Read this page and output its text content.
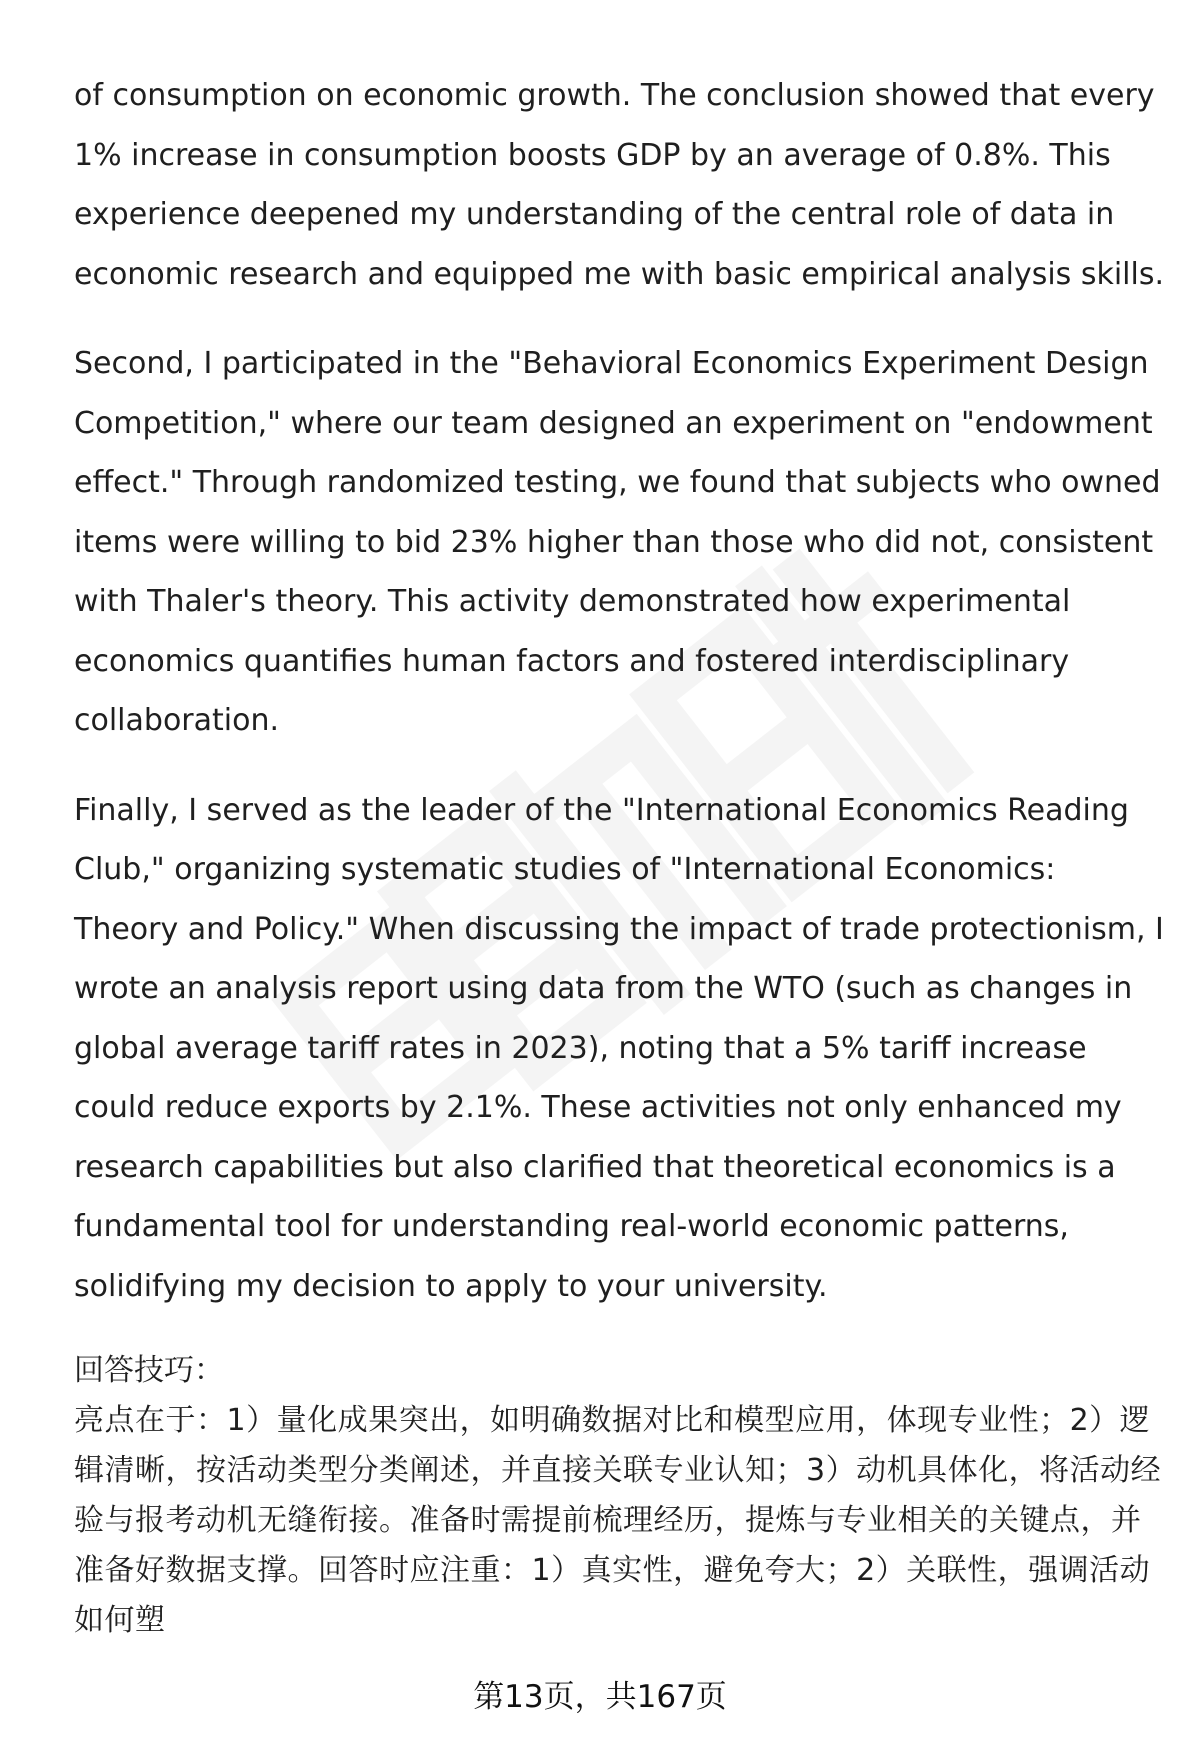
of consumption on economic growth. The conclusion showed that every 1% increase in consumption boosts GDP by an average of 0.8%. This experience deepened my understanding of the central role of data in economic research and equipped me with basic empirical analysis skills.

Second, I participated in the "Behavioral Economics Experiment Design Competition," where our team designed an experiment on "endowment effect." Through randomized testing, we found that subjects who owned items were willing to bid 23% higher than those who did not, consistent with Thaler's theory. This activity demonstrated how experimental economics quantifies human factors and fostered interdisciplinary collaboration.

Finally, I served as the leader of the "International Economics Reading Club," organizing systematic studies of "International Economics: Theory and Policy." When discussing the impact of trade protectionism, I wrote an analysis report using data from the WTO (such as changes in global average tariff rates in 2023), noting that a 5% tariff increase could reduce exports by 2.1%. These activities not only enhanced my research capabilities but also clarified that theoretical economics is a fundamental tool for understanding real-world economic patterns, solidifying my decision to apply to your university.

回答技巧：

亮点在于：1）量化成果突出，如明确数据对比和模型应用，体现专业性；2）逻辑清晰，按活动类型分类阐述，并直接关联专业认知；3）动机具体化，将活动经验与报考动机无缝衔接。准备时需提前梳理经历，提炼与专业相关的关键点，并准备好数据支撑。回答时应注重：1）真实性，避免夸大；2）关联性，强调活动如何塑

第13页，共167页
